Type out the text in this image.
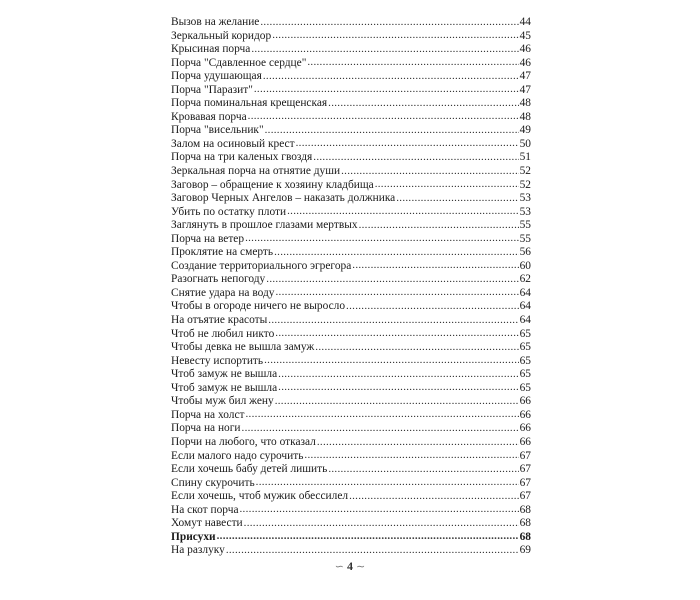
Вызов на желание .....	44
Зеркальный коридор .....	45
Крысиная порча .....	46
Порча "Сдавленное сердце" .....	46
Порча удушающая .....	47
Порча "Паразит" .....	47
Порча поминальная крещенская .....	48
Кровавая порча .....	48
Порча "висельник" .....	49
Залом на осиновый крест .....	50
Порча на три каленых гвоздя .....	51
Зеркальная порча на отнятие души .....	52
Заговор – обращение к хозяину кладбища .....	52
Заговор Черных Ангелов – наказать должника .....	53
Убить по остатку плоти .....	53
Заглянуть в прошлое глазами мертвых .....	55
Порча на ветер .....	55
Проклятие на смерть .....	56
Создание территориального эгрегора .....	60
Разогнать непогоду .....	62
Снятие удара на воду .....	64
Чтобы в огороде ничего не выросло .....	64
На отъятие красоты .....	64
Чтоб не любил никто .....	65
Чтобы девка не вышла замуж .....	65
Невесту испортить .....	65
Чтоб замуж не вышла .....	65
Чтоб замуж не вышла .....	65
Чтобы муж бил жену .....	66
Порча на холст .....	66
Порча на ноги .....	66
Порчи на любого, что отказал .....	66
Если малого надо сурочить .....	67
Если хочешь бабу детей лишить .....	67
Спину скурочить .....	67
Если хочешь, чтоб мужик обессилел .....	67
На скот порча .....	68
Хомут навести .....	68
Присухи .....	68
На разлуку .....	69
∽ 4 ∼
